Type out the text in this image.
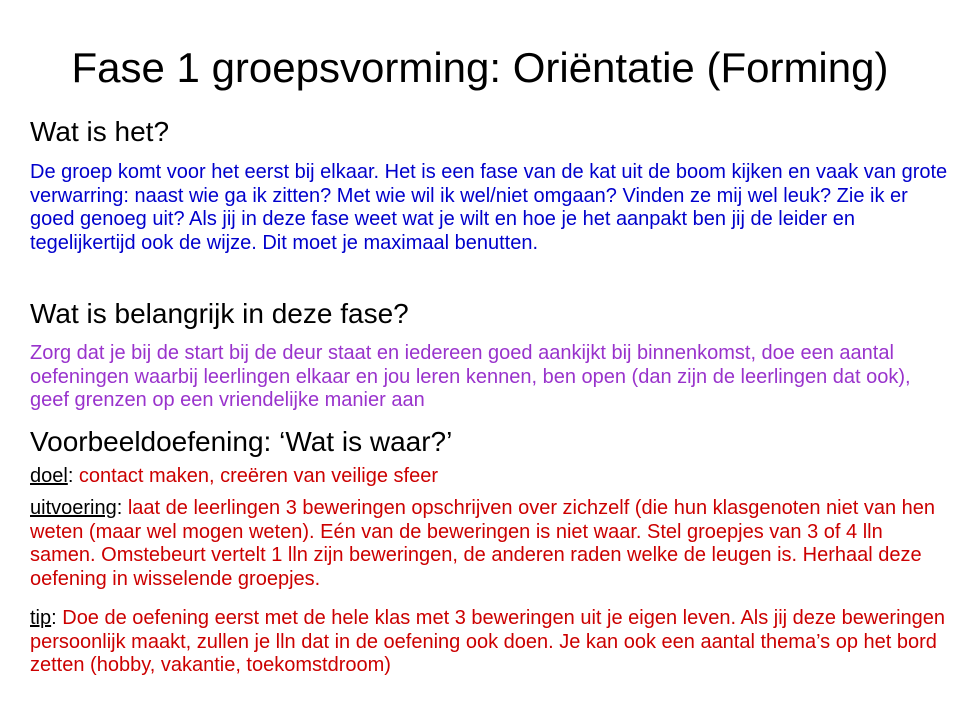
Fase 1 groepsvorming: Oriëntatie (Forming)
Wat is het?

De groep komt voor het eerst bij elkaar. Het is een fase van de kat uit de boom kijken en vaak van grote verwarring: naast wie ga ik zitten? Met wie wil ik wel/niet omgaan? Vinden ze mij wel leuk? Zie ik er goed genoeg uit? Als jij in deze fase weet wat je wilt en hoe je het aanpakt ben jij de leider en tegelijkertijd ook de wijze. Dit moet je maximaal benutten.

Wat is belangrijk in deze fase?

Zorg dat je bij de start bij de deur staat en iedereen goed aankijkt bij binnenkomst, doe een aantal oefeningen waarbij leerlingen elkaar en jou leren kennen, ben open (dan zijn de leerlingen dat ook), geef grenzen op een vriendelijke manier aan

Voorbeeldoefening: ‘Wat is waar?’

doel: contact maken, creëren van veilige sfeer

uitvoering: laat de leerlingen 3 beweringen opschrijven over zichzelf (die hun klasgenoten niet van hen weten (maar wel mogen weten). Eén van de beweringen is niet waar. Stel groepjes van 3 of 4 lln samen. Omstebeurt vertelt 1 lln zijn beweringen, de anderen raden welke de leugen is. Herhaal deze oefening in wisselende groepjes.

tip: Doe de oefening eerst met de hele klas met 3 beweringen uit je eigen leven. Als jij deze beweringen persoonlijk maakt, zullen je lln dat in de oefening ook doen. Je kan ook een aantal thema’s op het bord zetten (hobby, vakantie, toekomstdroom)
